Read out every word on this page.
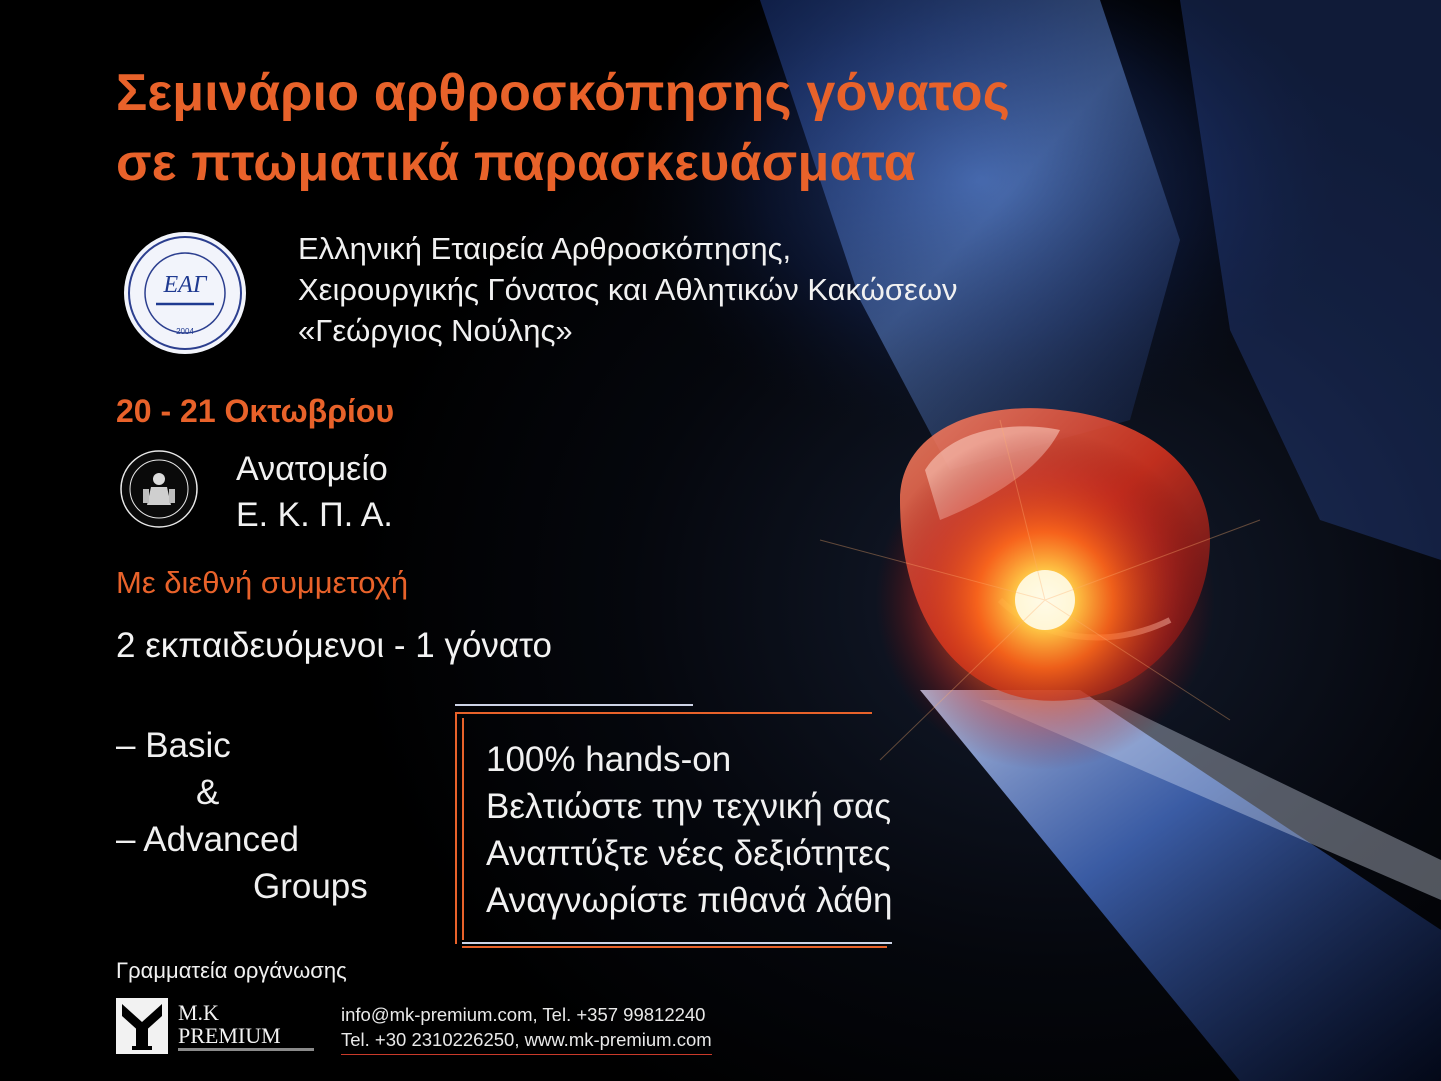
Σεμινάριο αρθροσκόπησης γόνατος
σε πτωματικά παρασκευάσματα
ΕΑΓ
2004
Ελληνική Εταιρεία Αρθροσκόπησης,
Χειρουργικής Γόνατος και Αθλητικών Κακώσεων
«Γεώργιος Νούλης»
20 - 21 Οκτωβρίου
Ανατομείο
Ε. Κ. Π. Α.
Με διεθνή συμμετοχή
2 εκπαιδευόμενοι - 1 γόνατο
– Basic
&
– Advanced
Groups
100% hands-on
Βελτιώστε την τεχνική σας
Αναπτύξτε νέες δεξιότητες
Αναγνωρίστε πιθανά λάθη
Γραμματεία οργάνωσης
M.K
PREMIUM
info@mk-premium.com, Tel. +357 99812240
Tel. +30 2310226250, www.mk-premium.com
